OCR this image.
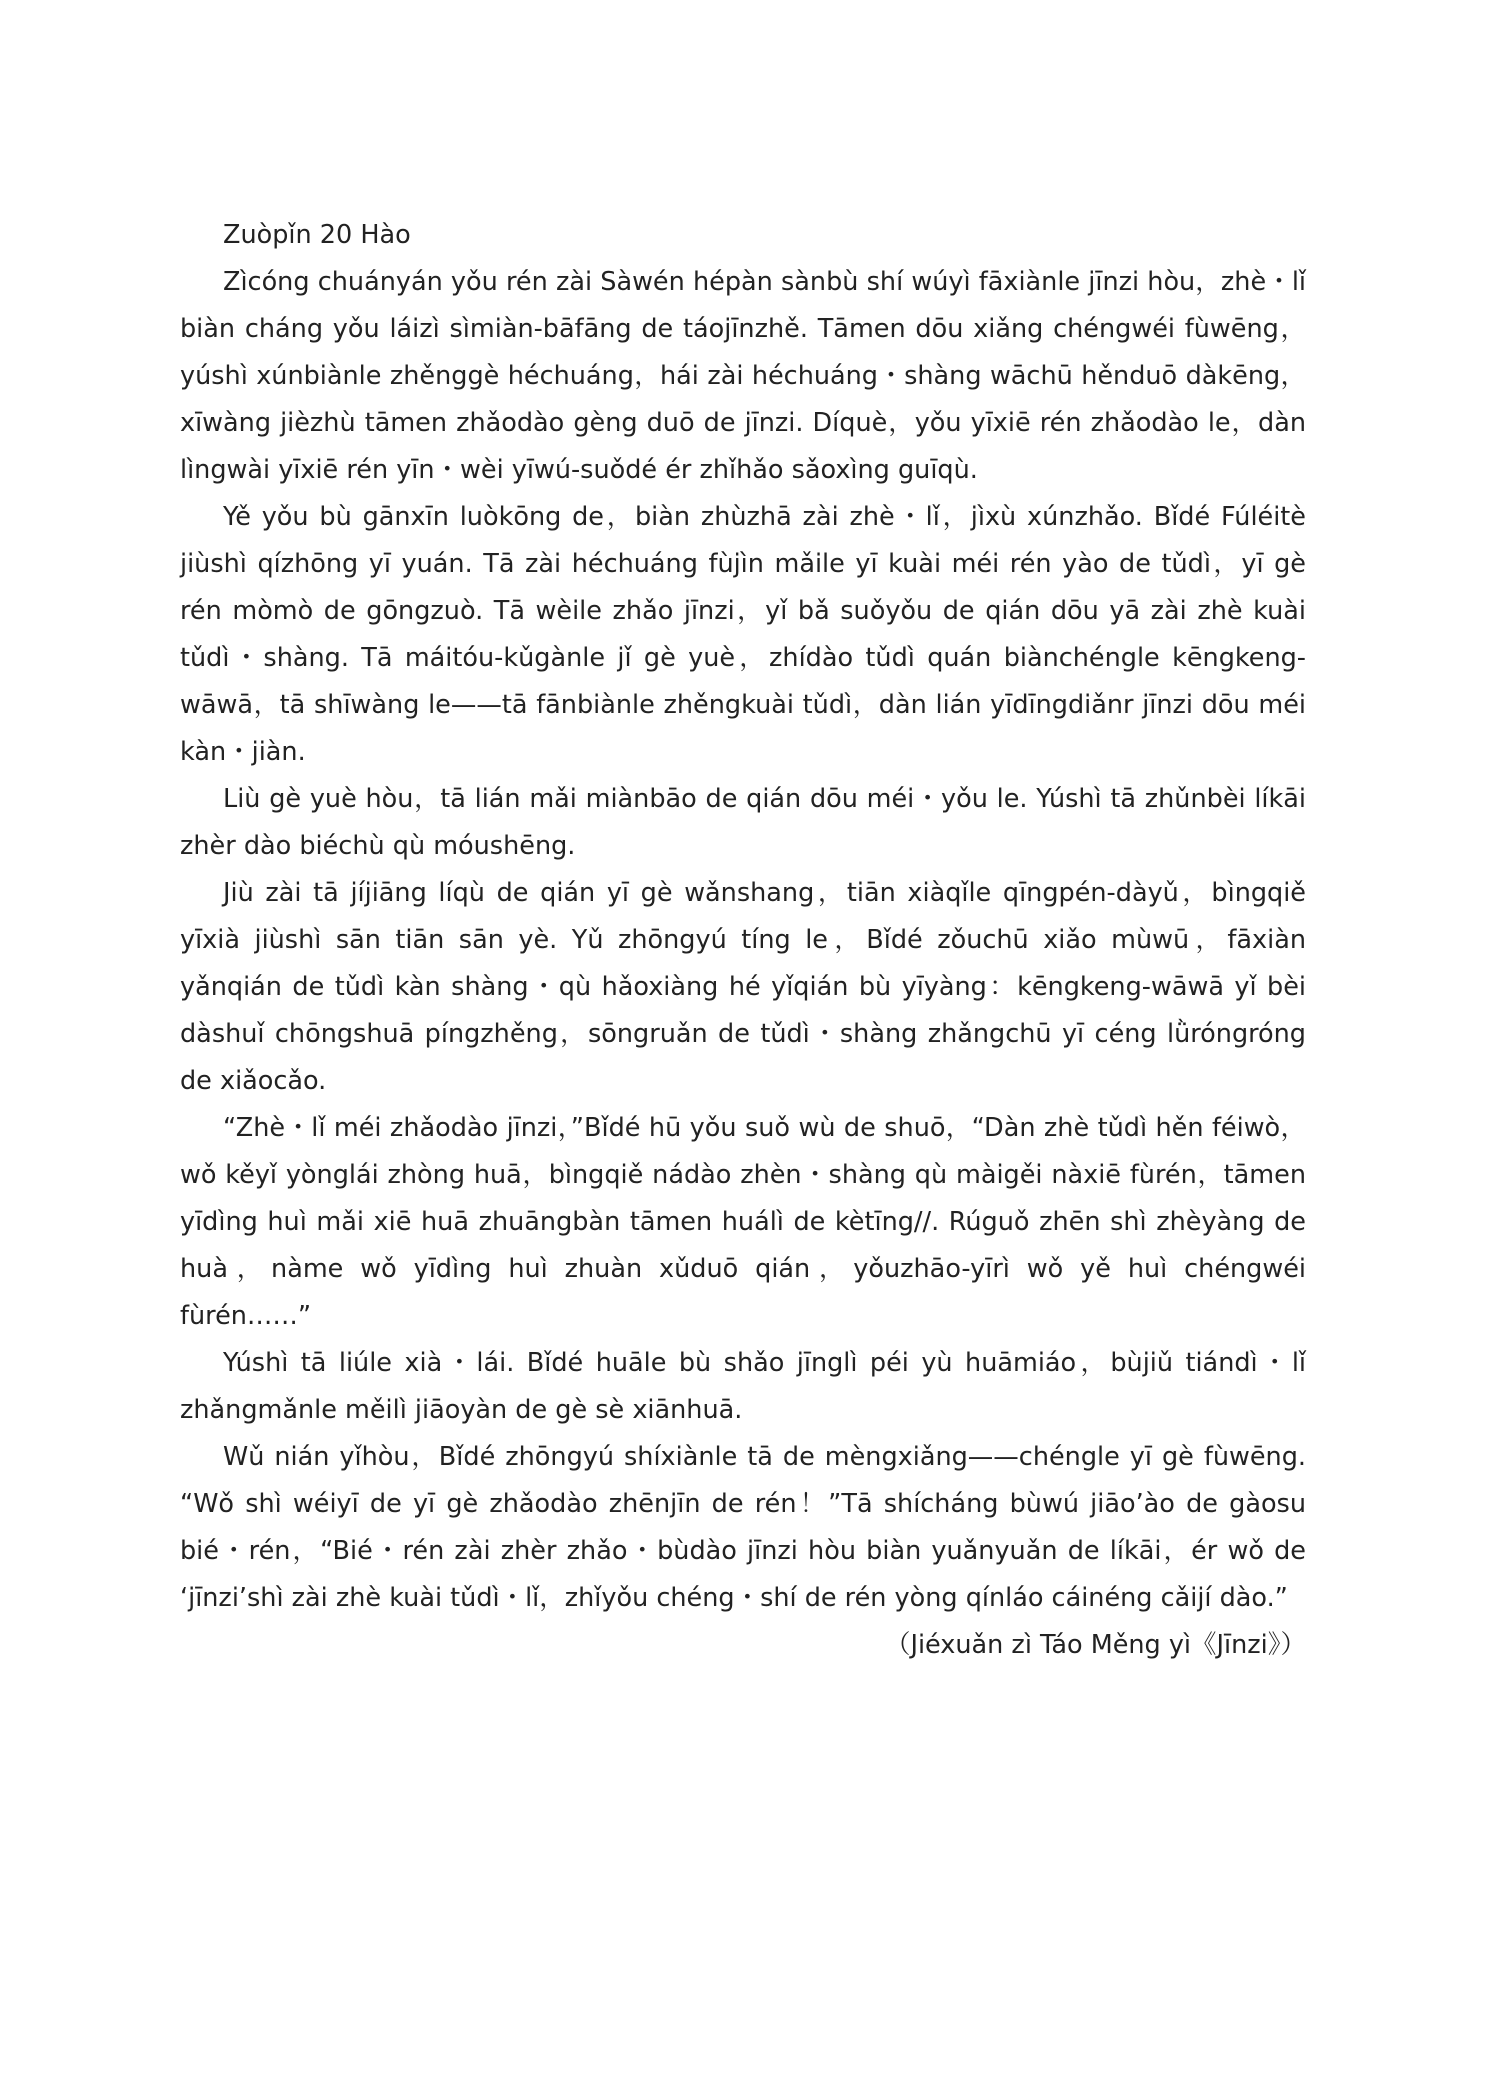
Zuòpǐn 20 Hào

Zìcóng chuányán yǒu rén zài Sàwén hépàn sànbù shí wúyì fāxiànle jīnzi hòu，zhè・lǐ biàn cháng yǒu láizì sìmiàn-bāfāng de táojīnzhě. Tāmen dōu xiǎng chéngwéi fùwēng，yúshì xúnbiànle zhěnggè héchuáng，hái zài héchuáng・shàng wāchū hěnduō dàkēng，xīwàng jièzhù tāmen zhǎodào gèng duō de jīnzi. Díquè，yǒu yīxiē rén zhǎodào le，dàn lìngwài yīxiē rén yīn・wèi yīwú-suǒdé ér zhǐhǎo sǎoxìng guīqù.

Yě yǒu bù gānxīn luòkōng de，biàn zhùzhā zài zhè・lǐ，jìxù xúnzhǎo. Bǐdé Fúléitè jiùshì qízhōng yī yuán. Tā zài héchuáng fùjìn mǎile yī kuài méi rén yào de tǔdì，yī gè rén mòmò de gōngzuò. Tā wèile zhǎo jīnzi，yǐ bǎ suǒyǒu de qián dōu yā zài zhè kuài tǔdì・shàng. Tā máitóu-kǔgànle jǐ gè yuè，zhídào tǔdì quán biànchéngle kēngkeng-wāwā，tā shīwàng le——tā fānbiànle zhěngkuài tǔdì，dàn lián yīdīngdiǎnr jīnzi dōu méi kàn・jiàn.

Liù gè yuè hòu，tā lián mǎi miànbāo de qián dōu méi・yǒu le. Yúshì tā zhǔnbèi líkāi zhèr dào biéchù qù móushēng.

Jiù zài tā jíjiāng líqù de qián yī gè wǎnshang，tiān xiàqǐle qīngpén-dàyǔ，bìngqiě yīxià jiùshì sān tiān sān yè. Yǔ zhōngyú tíng le，Bǐdé zǒuchū xiǎo mùwū，fāxiàn yǎnqián de tǔdì kàn shàng・qù hǎoxiàng hé yǐqián bù yīyàng：kēngkeng-wāwā yǐ bèi dàshuǐ chōngshuā píngzhěng，sōngruǎn de tǔdì・shàng zhǎngchū yī céng lǜróngróng de xiǎocǎo.

“Zhè・lǐ méi zhǎodào jīnzi，”Bǐdé hū yǒu suǒ wù de shuō，“Dàn zhè tǔdì hěn féiwò，wǒ kěyǐ yònglái zhòng huā，bìngqiě nádào zhèn・shàng qù màigěi nàxiē fùrén，tāmen yīdìng huì mǎi xiē huā zhuāngbàn tāmen huálì de kètīng//. Rúguǒ zhēn shì zhèyàng de huà，nàme wǒ yīdìng huì zhuàn xǔduō qián，yǒuzhāo-yīrì wǒ yě huì chéngwéi fùrén……”

Yúshì tā liúle xià・lái. Bǐdé huāle bù shǎo jīnglì péi yù huāmiáo，bùjiǔ tiándì・lǐ zhǎngmǎnle měilì jiāoyàn de gè sè xiānhuā.

Wǔ nián yǐhòu，Bǐdé zhōngyú shíxiànle tā de mèngxiǎng——chéngle yī gè fùwēng. “Wǒ shì wéiyī de yī gè zhǎodào zhēnjīn de rén！”Tā shícháng bùwú jiāo’ào de gàosu bié・rén，“Bié・rén zài zhèr zhǎo・bùdào jīnzi hòu biàn yuǎnyuǎn de líkāi，ér wǒ de ‘jīnzi’shì zài zhè kuài tǔdì・lǐ，zhǐyǒu chéng・shí de rén yòng qínláo cáinéng cǎijí dào.”

（Jiéxuǎn zì Táo Měng yì《Jīnzi》）
